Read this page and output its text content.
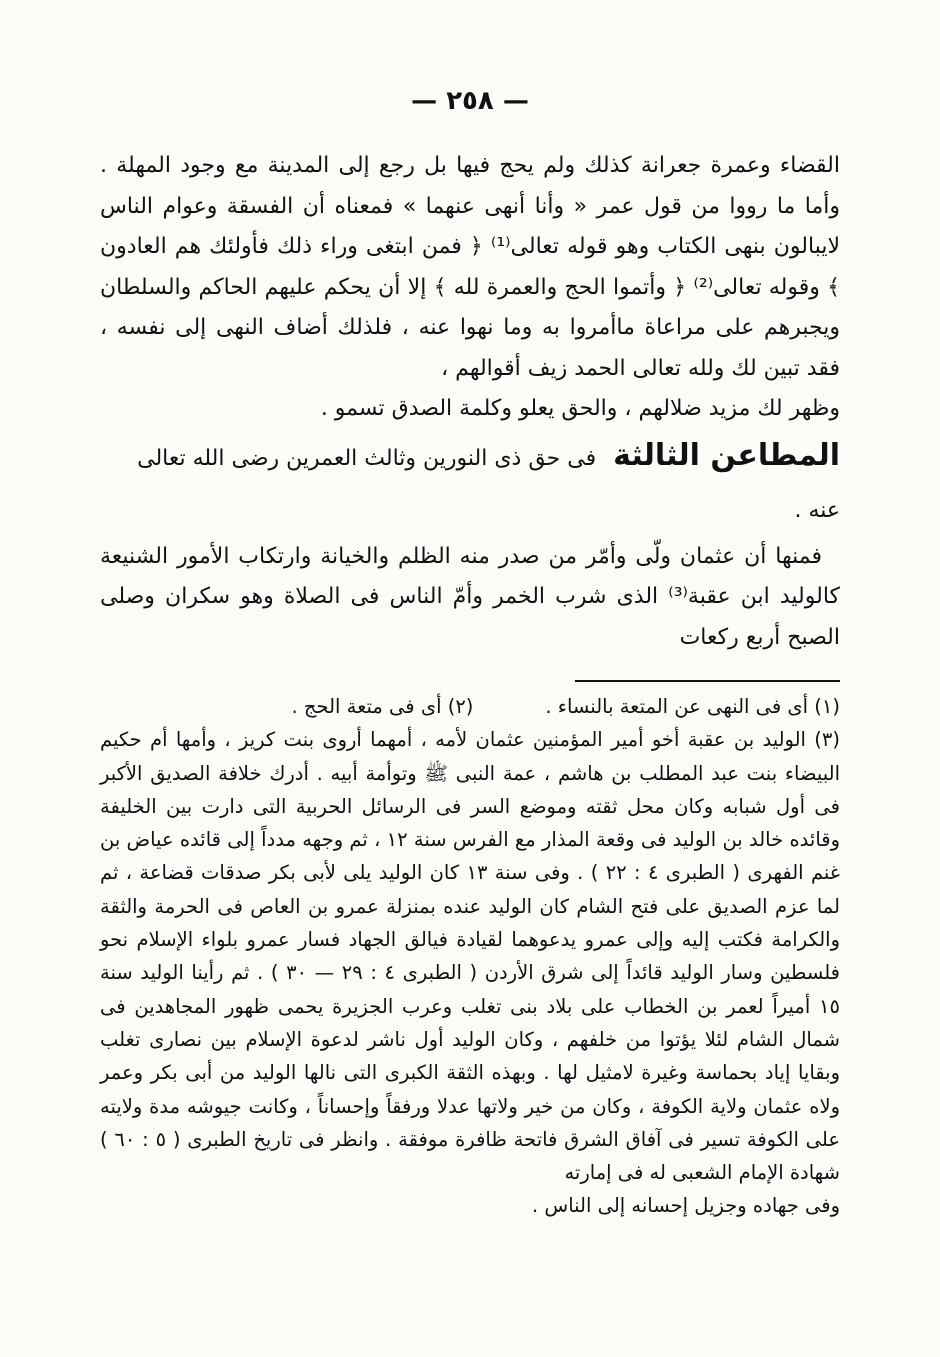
— ٢٥٨ —

القضاء وعمرة جعرانة كذلك ولم يحج فيها بل رجع إلى المدينة مع وجود المهلة . وأما ما رووا من قول عمر « وأنا أنهى عنهما » فمعناه أن الفسقة وعوام الناس لايبالون بنهى الكتاب وهو قوله تعالى⁽¹⁾ ﴿ فمن ابتغى وراء ذلك فأولئك هم العادون ﴾ وقوله تعالى⁽²⁾ ﴿ وأتموا الحج والعمرة لله ﴾ إلا أن يحكم عليهم الحاكم والسلطان ويجبرهم على مراعاة ماأمروا به وما نهوا عنه ، فلذلك أضاف النهى إلى نفسه ، فقد تبين لك ولله تعالى الحمد زيف أقوالهم ،

وظهر لك مزيد ضلالهم ، والحق يعلو وكلمة الصدق تسمو .

المطاعن الثالثة فى حق ذى النورين وثالث العمرين رضى الله تعالى عنه .

فمنها أن عثمان ولّى وأمّر من صدر منه الظلم والخيانة وارتكاب الأمور الشنيعة كالوليد ابن عقبة⁽³⁾ الذى شرب الخمر وأمّ الناس فى الصلاة وهو سكران وصلى الصبح أربع ركعات

(١) أى فى النهى عن المتعة بالنساء .
(٢) أى فى متعة الحج .

(٣) الوليد بن عقبة أخو أمير المؤمنين عثمان لأمه ، أمهما أروى بنت كريز ، وأمها أم حكيم البيضاء بنت عبد المطلب بن هاشم ، عمة النبى ﷺ وتوأمة أبيه . أدرك خلافة الصديق الأكبر فى أول شبابه وكان محل ثقته وموضع السر فى الرسائل الحربية التى دارت بين الخليفة وقائده خالد بن الوليد فى وقعة المذار مع الفرس سنة ١٢ ، ثم وجهه مدداً إلى قائده عياض بن غنم الفهرى ( الطبرى ٤ : ٢٢ ) . وفى سنة ١٣ كان الوليد يلى لأبى بكر صدقات قضاعة ، ثم لما عزم الصديق على فتح الشام كان الوليد عنده بمنزلة عمرو بن العاص فى الحرمة والثقة والكرامة فكتب إليه وإلى عمرو يدعوهما لقيادة فيالق الجهاد فسار عمرو بلواء الإسلام نحو فلسطين وسار الوليد قائداً إلى شرق الأردن ( الطبرى ٤ : ٢٩ — ٣٠ ) . ثم رأينا الوليد سنة ١٥ أميراً لعمر بن الخطاب على بلاد بنى تغلب وعرب الجزيرة يحمى ظهور المجاهدين فى شمال الشام لئلا يؤتوا من خلفهم ، وكان الوليد أول ناشر لدعوة الإسلام بين نصارى تغلب وبقايا إياد بحماسة وغيرة لامثيل لها . وبهذه الثقة الكبرى التى نالها الوليد من أبى بكر وعمر ولاه عثمان ولاية الكوفة ، وكان من خير ولاتها عدلا ورفقاً وإحساناً ، وكانت جيوشه مدة ولايته على الكوفة تسير فى آفاق الشرق فاتحة ظافرة موفقة . وانظر فى تاريخ الطبرى ( ٥ : ٦٠ ) شهادة الإمام الشعبى له فى إمارته

وفى جهاده وجزيل إحسانه إلى الناس .
